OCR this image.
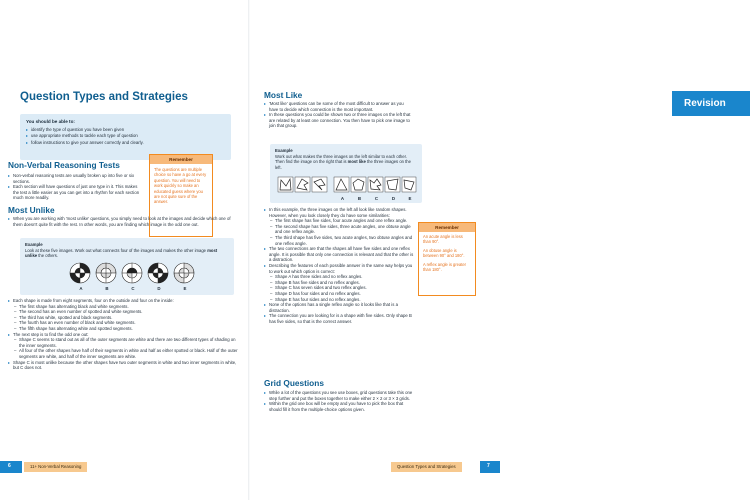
Question Types and Strategies
You should be able to:

▸ identify the type of question you have been given

▸ use appropriate methods to tackle each type of question

▸ follow instructions to give your answer correctly and clearly.

Non-Verbal Reasoning Tests

▸ Non-verbal reasoning tests are usually broken up into five or six sections.

▸ Each section will have questions of just one type in it. This makes the test a little easier as you can get into a rhythm for each section much more readily.

Remember
The questions are multiple choice so have a go at every question. You will need to work quickly so make an educated guess where you are not quite sure of the answer.
Most Unlike

▸ When you are working with 'most unlike' questions, you simply need to look at the images and decide which one of them doesn't quite fit with the rest. In other words, you are finding which image is the odd one out.

Example
Look at these five images. Work out what connects four of the images and makes the other image most unlike the others.
A	B	C	D	E

▸ Each shape is made from eight segments, four on the outside and four on the inside:

– The first shape has alternating black and white segments.

– The second has an even number of spotted and white segments.

– The third has white, spotted and black segments.

– The fourth has an even number of black and white segments.

– The fifth shape has alternating white and spotted segments.

▸ The next step is to find the odd one out:

– Shape C seems to stand out as all of the outer segments are white and there are two different types of shading on the inner segments.

– All four of the other shapes have half of their segments in white and half as either spotted or black. Half of the outer segments are white, and half of the inner segments are white.

▸ Shape C is most unlike because the other shapes have two outer segments in white and two inner segments in white, but C does not.

6	11+ Non-Verbal Reasoning
Most Like

▸ 'Most like' questions can be some of the most difficult to answer as you have to decide which connection is the most important.

▸ In these questions you could be shown two or three images on the left that are related by at least one connection. You then have to pick one image to join that group.

Example
Work out what makes the three images on the left similar to each other. Then find the image on the right that is most like the three images on the left.
A	B	C	D	E
Revision

▸ In this example, the three images on the left all look like random shapes. However, when you look closely they do have some similarities:

– The first shape has five sides, four acute angles and one reflex angle.

– The second shape has five sides, three acute angles, one obtuse angle and one reflex angle.

– The third shape has five sides, two acute angles, two obtuse angles and one reflex angle.

▸ The two connections are that the shapes all have five sides and one reflex angle. It is possible that only one connection is relevant and that the other is a distraction.

▸ Describing the features of each possible answer in the same way helps you to work out which option is correct:

– Shape A has three sides and no reflex angles.

– Shape B has five sides and no reflex angles.

– Shape C has seven sides and two reflex angles.

– Shape D has four sides and no reflex angles.

– Shape E has four sides and no reflex angles.

▸ None of the options has a single reflex angle so it looks like that is a distraction.

▸ The connection you are looking for is a shape with five sides. Only shape B has five sides, so that is the correct answer.

Remember

An acute angle is less than 90°.

An obtuse angle is between 90° and 180°.

A reflex angle is greater than 180°.

Grid Questions

▸ While a lot of the questions you see use boxes, grid questions take this one step further and put the boxes together to make either 2 × 2 or 3 × 3 grids.

▸ Within the grid one box will be empty and you have to pick the box that should fill it from the multiple-choice options given.

Question Types and Strategies	7
